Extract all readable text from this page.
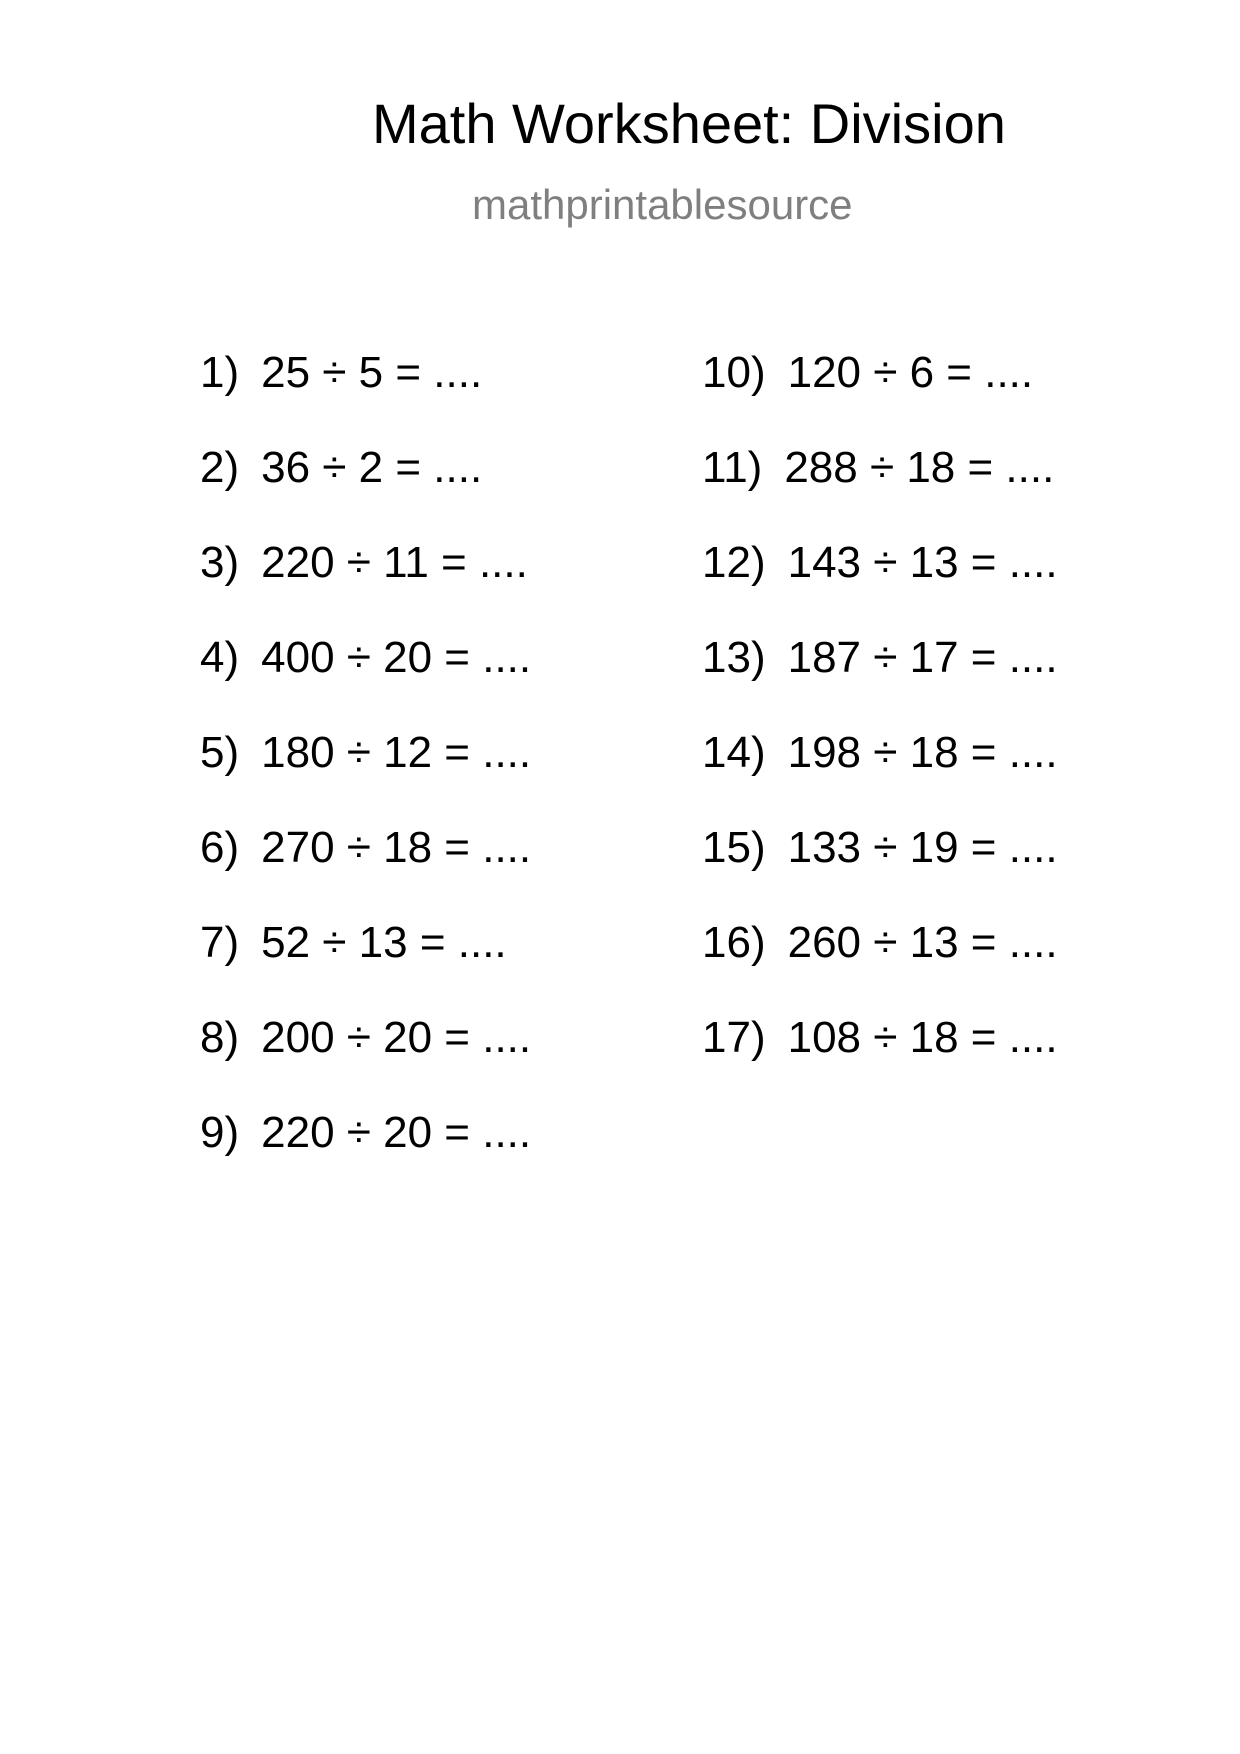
Math Worksheet: Division
mathprintablesource
1) 25 ÷ 5 = ....
2) 36 ÷ 2 = ....
3) 220 ÷ 11 = ....
4) 400 ÷ 20 = ....
5) 180 ÷ 12 = ....
6) 270 ÷ 18 = ....
7) 52 ÷ 13 = ....
8) 200 ÷ 20 = ....
9) 220 ÷ 20 = ....
10) 120 ÷ 6 = ....
11) 288 ÷ 18 = ....
12) 143 ÷ 13 = ....
13) 187 ÷ 17 = ....
14) 198 ÷ 18 = ....
15) 133 ÷ 19 = ....
16) 260 ÷ 13 = ....
17) 108 ÷ 18 = ....
